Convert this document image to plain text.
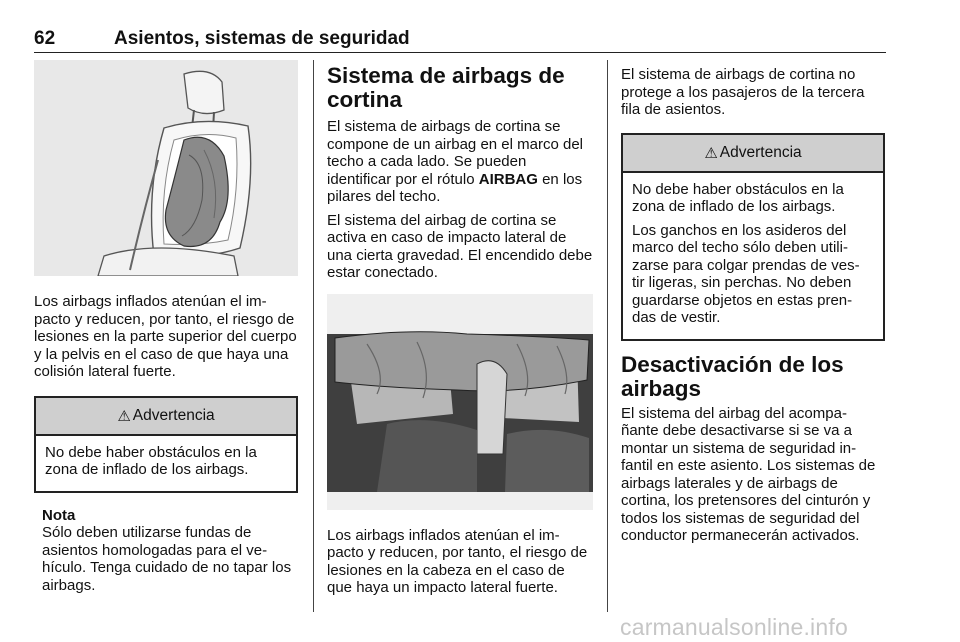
62	Asientos, sistemas de seguridad

Los airbags inflados atenúan el im- pacto y reducen, por tanto, el riesgo de lesiones en la parte superior del cuerpo y la pelvis en el caso de que haya una colisión lateral fuerte.

⚠ Advertencia

No debe haber obstáculos en la zona de inflado de los airbags.

Nota

Sólo deben utilizarse fundas de asientos homologadas para el ve- hículo. Tenga cuidado de no tapar los airbags.

Sistema de airbags de cortina

El sistema de airbags de cortina se compone de un airbag en el marco del techo a cada lado. Se pueden identificar por el rótulo AIRBAG en los pilares del techo.

El sistema del airbag de cortina se activa en caso de impacto lateral de una cierta gravedad. El encendido debe estar conectado.

Los airbags inflados atenúan el im- pacto y reducen, por tanto, el riesgo de lesiones en la cabeza en el caso de que haya un impacto lateral fuerte.

El sistema de airbags de cortina no protege a los pasajeros de la tercera fila de asientos.

⚠ Advertencia

No debe haber obstáculos en la zona de inflado de los airbags.

Los ganchos en los asideros del marco del techo sólo deben utili- zarse para colgar prendas de ves- tir ligeras, sin perchas. No deben guardarse objetos en estas pren- das de vestir.

Desactivación de los airbags

El sistema del airbag del acompa- ñante debe desactivarse si se va a montar un sistema de seguridad in- fantil en este asiento. Los sistemas de airbags laterales y de airbags de cortina, los pretensores del cinturón y todos los sistemas de seguridad del conductor permanecerán activados.

carmanualsonline.info
